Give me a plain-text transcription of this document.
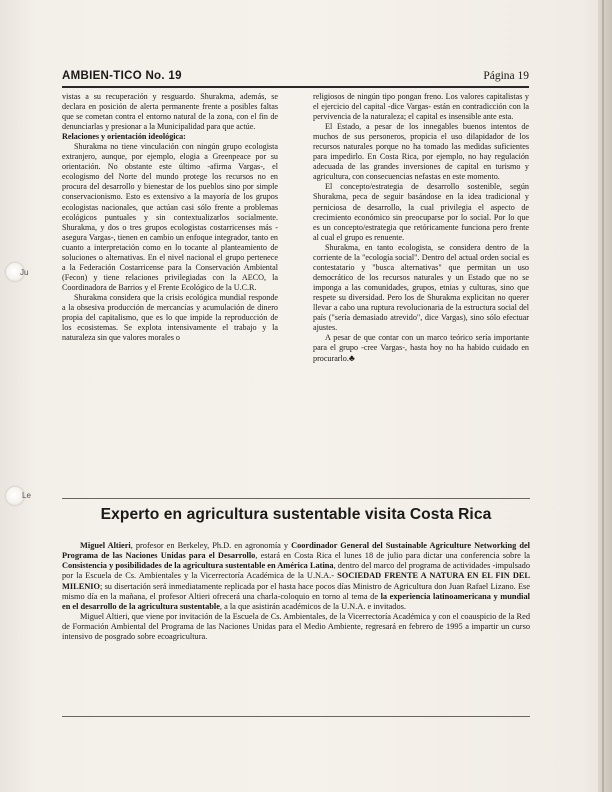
Ju
Le
AMBIEN-TICO No. 19	Página 19

vistas a su recuperación y resguardo. Shurakma, además, se declara en posición de alerta permanente frente a posibles faltas que se cometan contra el entorno natural de la zona, con el fin de denunciarlas y presionar a la Municipalidad para que actúe.

Relaciones y orientación ideológica:

Shurakma no tiene vinculación con ningún grupo ecologista extranjero, aunque, por ejemplo, elogia a Greenpeace por su orientación. No obstante este último -afirma Vargas-, el ecologismo del Norte del mundo protege los recursos no en procura del desarrollo y bienestar de los pueblos sino por simple conservacionismo. Esto es extensivo a la mayoría de los grupos ecologistas nacionales, que actúan casi sólo frente a problemas ecológicos puntuales y sin contextualizarlos socialmente. Shurakma, y dos o tres grupos ecologistas costarricenses más -asegura Vargas-, tienen en cambio un enfoque integrador, tanto en cuanto a interpretación como en lo tocante al planteamiento de soluciones o alternativas. En el nivel nacional el grupo pertenece a la Federación Costarricense para la Conservación Ambiental (Fecon) y tiene relaciones privilegiadas con la AECO, la Coordinadora de Barrios y el Frente Ecológico de la U.C.R.

Shurakma considera que la crisis ecológica mundial responde a la obsesiva producción de mercancías y acumulación de dinero propia del capitalismo, que es lo que impide la reproducción de los ecosistemas. Se explota intensivamente el trabajo y la naturaleza sin que valores morales o

religiosos de ningún tipo pongan freno. Los valores capitalistas y el ejercicio del capital -dice Vargas- están en contradicción con la pervivencia de la naturaleza; el capital es insensible ante esta.

El Estado, a pesar de los innegables buenos intentos de muchos de sus personeros, propicia el uso dilapidador de los recursos naturales porque no ha tomado las medidas suficientes para impedirlo. En Costa Rica, por ejemplo, no hay regulación adecuada de las grandes inversiones de capital en turismo y agricultura, con consecuencias nefastas en este momento.

El concepto/estrategia de desarrollo sostenible, según Shurakma, peca de seguir basándose en la idea tradicional y perniciosa de desarrollo, la cual privilegia el aspecto de crecimiento económico sin preocuparse por lo social. Por lo que es un concepto/estrategia que retóricamente funciona pero frente al cual el grupo es renuente.

Shurakma, en tanto ecologista, se considera dentro de la corriente de la "ecología social". Dentro del actual orden social es contestatario y "busca alternativas" que permitan un uso democrático de los recursos naturales y un Estado que no se imponga a las comunidades, grupos, etnias y culturas, sino que respete su diversidad. Pero los de Shurakma explicitan no querer llevar a cabo una ruptura revolucionaria de la estructura social del país ("sería demasiado atrevido", dice Vargas), sino sólo efectuar ajustes.

A pesar de que contar con un marco teórico sería importante para el grupo -cree Vargas-, hasta hoy no ha habido cuidado en procurarlo.♣

Experto en agricultura sustentable visita Costa Rica

Miguel Altieri, profesor en Berkeley, Ph.D. en agronomía y Coordinador General del Sustainable Agriculture Networking del Programa de las Naciones Unidas para el Desarrollo, estará en Costa Rica el lunes 18 de julio para dictar una conferencia sobre la Consistencia y posibilidades de la agricultura sustentable en América Latina, dentro del marco del programa de actividades -impulsado por la Escuela de Cs. Ambientales y la Vicerrectoría Académica de la U.N.A.- SOCIEDAD FRENTE A NATURA EN EL FIN DEL MILENIO; su disertación será inmediatamente replicada por el hasta hace pocos días Ministro de Agricultura don Juan Rafael Lizano. Ese mismo día en la mañana, el profesor Altieri ofrecerá una charla-coloquio en torno al tema de la experiencia latinoamericana y mundial en el desarrollo de la agricultura sustentable, a la que asistirán académicos de la U.N.A. e invitados.

Miguel Altieri, que viene por invitación de la Escuela de Cs. Ambientales, de la Vicerrectoría Académica y con el coauspicio de la Red de Formación Ambiental del Programa de las Naciones Unidas para el Medio Ambiente, regresará en febrero de 1995 a impartir un curso intensivo de posgrado sobre ecoagricultura.
